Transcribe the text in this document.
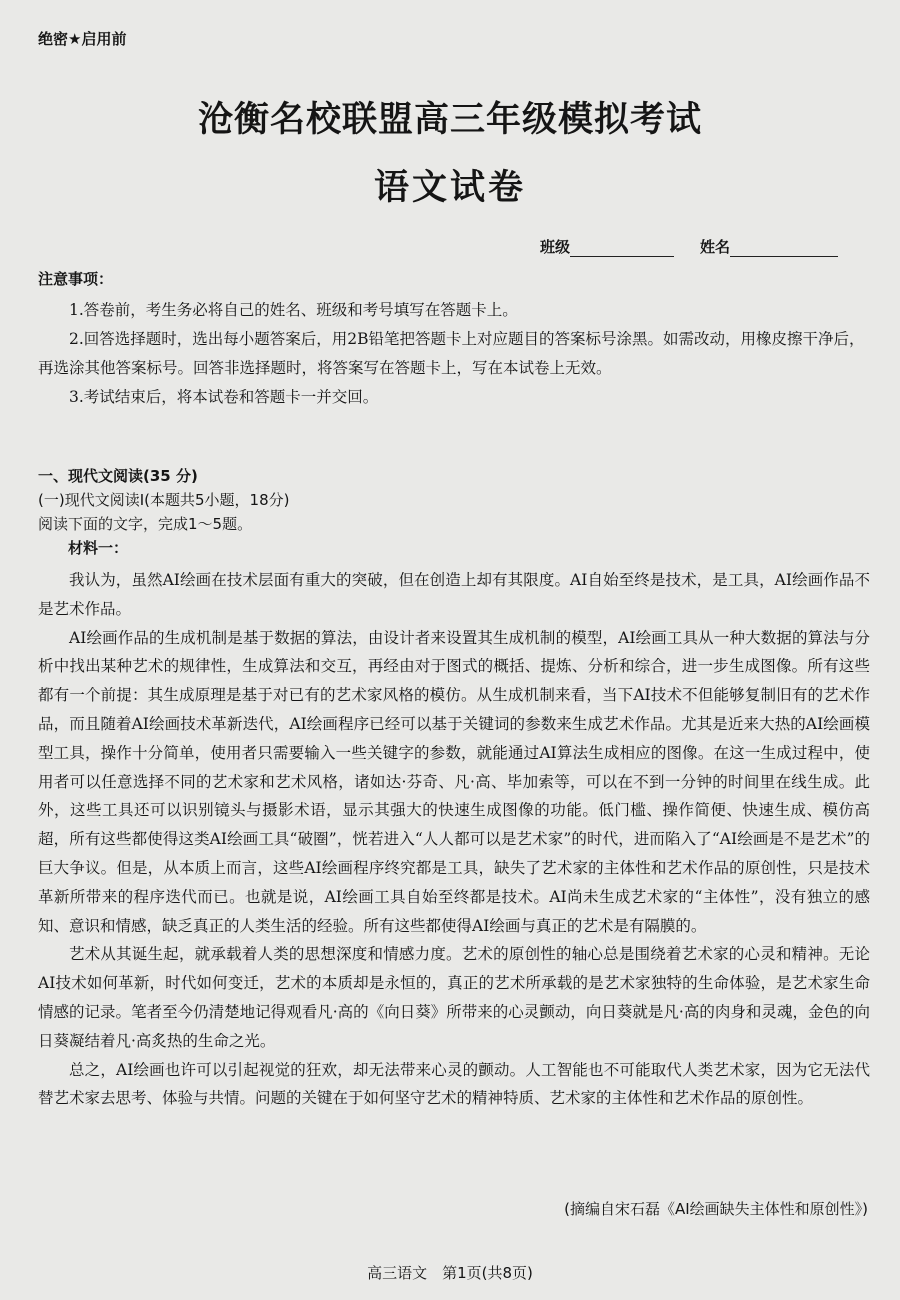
绝密★启用前
沧衡名校联盟高三年级模拟考试
语文试卷
班级	姓名
注意事项：

1.答卷前，考生务必将自己的姓名、班级和考号填写在答题卡上。

2.回答选择题时，选出每小题答案后，用2B铅笔把答题卡上对应题目的答案标号涂黑。如需改动，用橡皮擦干净后，再选涂其他答案标号。回答非选择题时，将答案写在答题卡上，写在本试卷上无效。

3.考试结束后，将本试卷和答题卡一并交回。

一、现代文阅读(35 分)
(一)现代文阅读Ⅰ(本题共5小题，18分)
阅读下面的文字，完成1～5题。
材料一：

我认为，虽然AI绘画在技术层面有重大的突破，但在创造上却有其限度。AI自始至终是技术，是工具，AI绘画作品不是艺术作品。

AI绘画作品的生成机制是基于数据的算法，由设计者来设置其生成机制的模型，AI绘画工具从一种大数据的算法与分析中找出某种艺术的规律性，生成算法和交互，再经由对于图式的概括、提炼、分析和综合，进一步生成图像。所有这些都有一个前提：其生成原理是基于对已有的艺术家风格的模仿。从生成机制来看，当下AI技术不但能够复制旧有的艺术作品，而且随着AI绘画技术革新迭代，AI绘画程序已经可以基于关键词的参数来生成艺术作品。尤其是近来大热的AI绘画模型工具，操作十分简单，使用者只需要输入一些关键字的参数，就能通过AI算法生成相应的图像。在这一生成过程中，使用者可以任意选择不同的艺术家和艺术风格，诸如达·芬奇、凡·高、毕加索等，可以在不到一分钟的时间里在线生成。此外，这些工具还可以识别镜头与摄影术语，显示其强大的快速生成图像的功能。低门槛、操作简便、快速生成、模仿高超，所有这些都使得这类AI绘画工具“破圈”，恍若进入“人人都可以是艺术家”的时代，进而陷入了“AI绘画是不是艺术”的巨大争议。但是，从本质上而言，这些AI绘画程序终究都是工具，缺失了艺术家的主体性和艺术作品的原创性，只是技术革新所带来的程序迭代而已。也就是说，AI绘画工具自始至终都是技术。AI尚未生成艺术家的“主体性”，没有独立的感知、意识和情感，缺乏真正的人类生活的经验。所有这些都使得AI绘画与真正的艺术是有隔膜的。

艺术从其诞生起，就承载着人类的思想深度和情感力度。艺术的原创性的轴心总是围绕着艺术家的心灵和精神。无论AI技术如何革新，时代如何变迁，艺术的本质却是永恒的，真正的艺术所承载的是艺术家独特的生命体验，是艺术家生命情感的记录。笔者至今仍清楚地记得观看凡·高的《向日葵》所带来的心灵颤动，向日葵就是凡·高的肉身和灵魂，金色的向日葵凝结着凡·高炙热的生命之光。

总之，AI绘画也许可以引起视觉的狂欢，却无法带来心灵的颤动。人工智能也不可能取代人类艺术家，因为它无法代替艺术家去思考、体验与共情。问题的关键在于如何坚守艺术的精神特质、艺术家的主体性和艺术作品的原创性。

(摘编自宋石磊《AI绘画缺失主体性和原创性》)
高三语文　第1页(共8页)
